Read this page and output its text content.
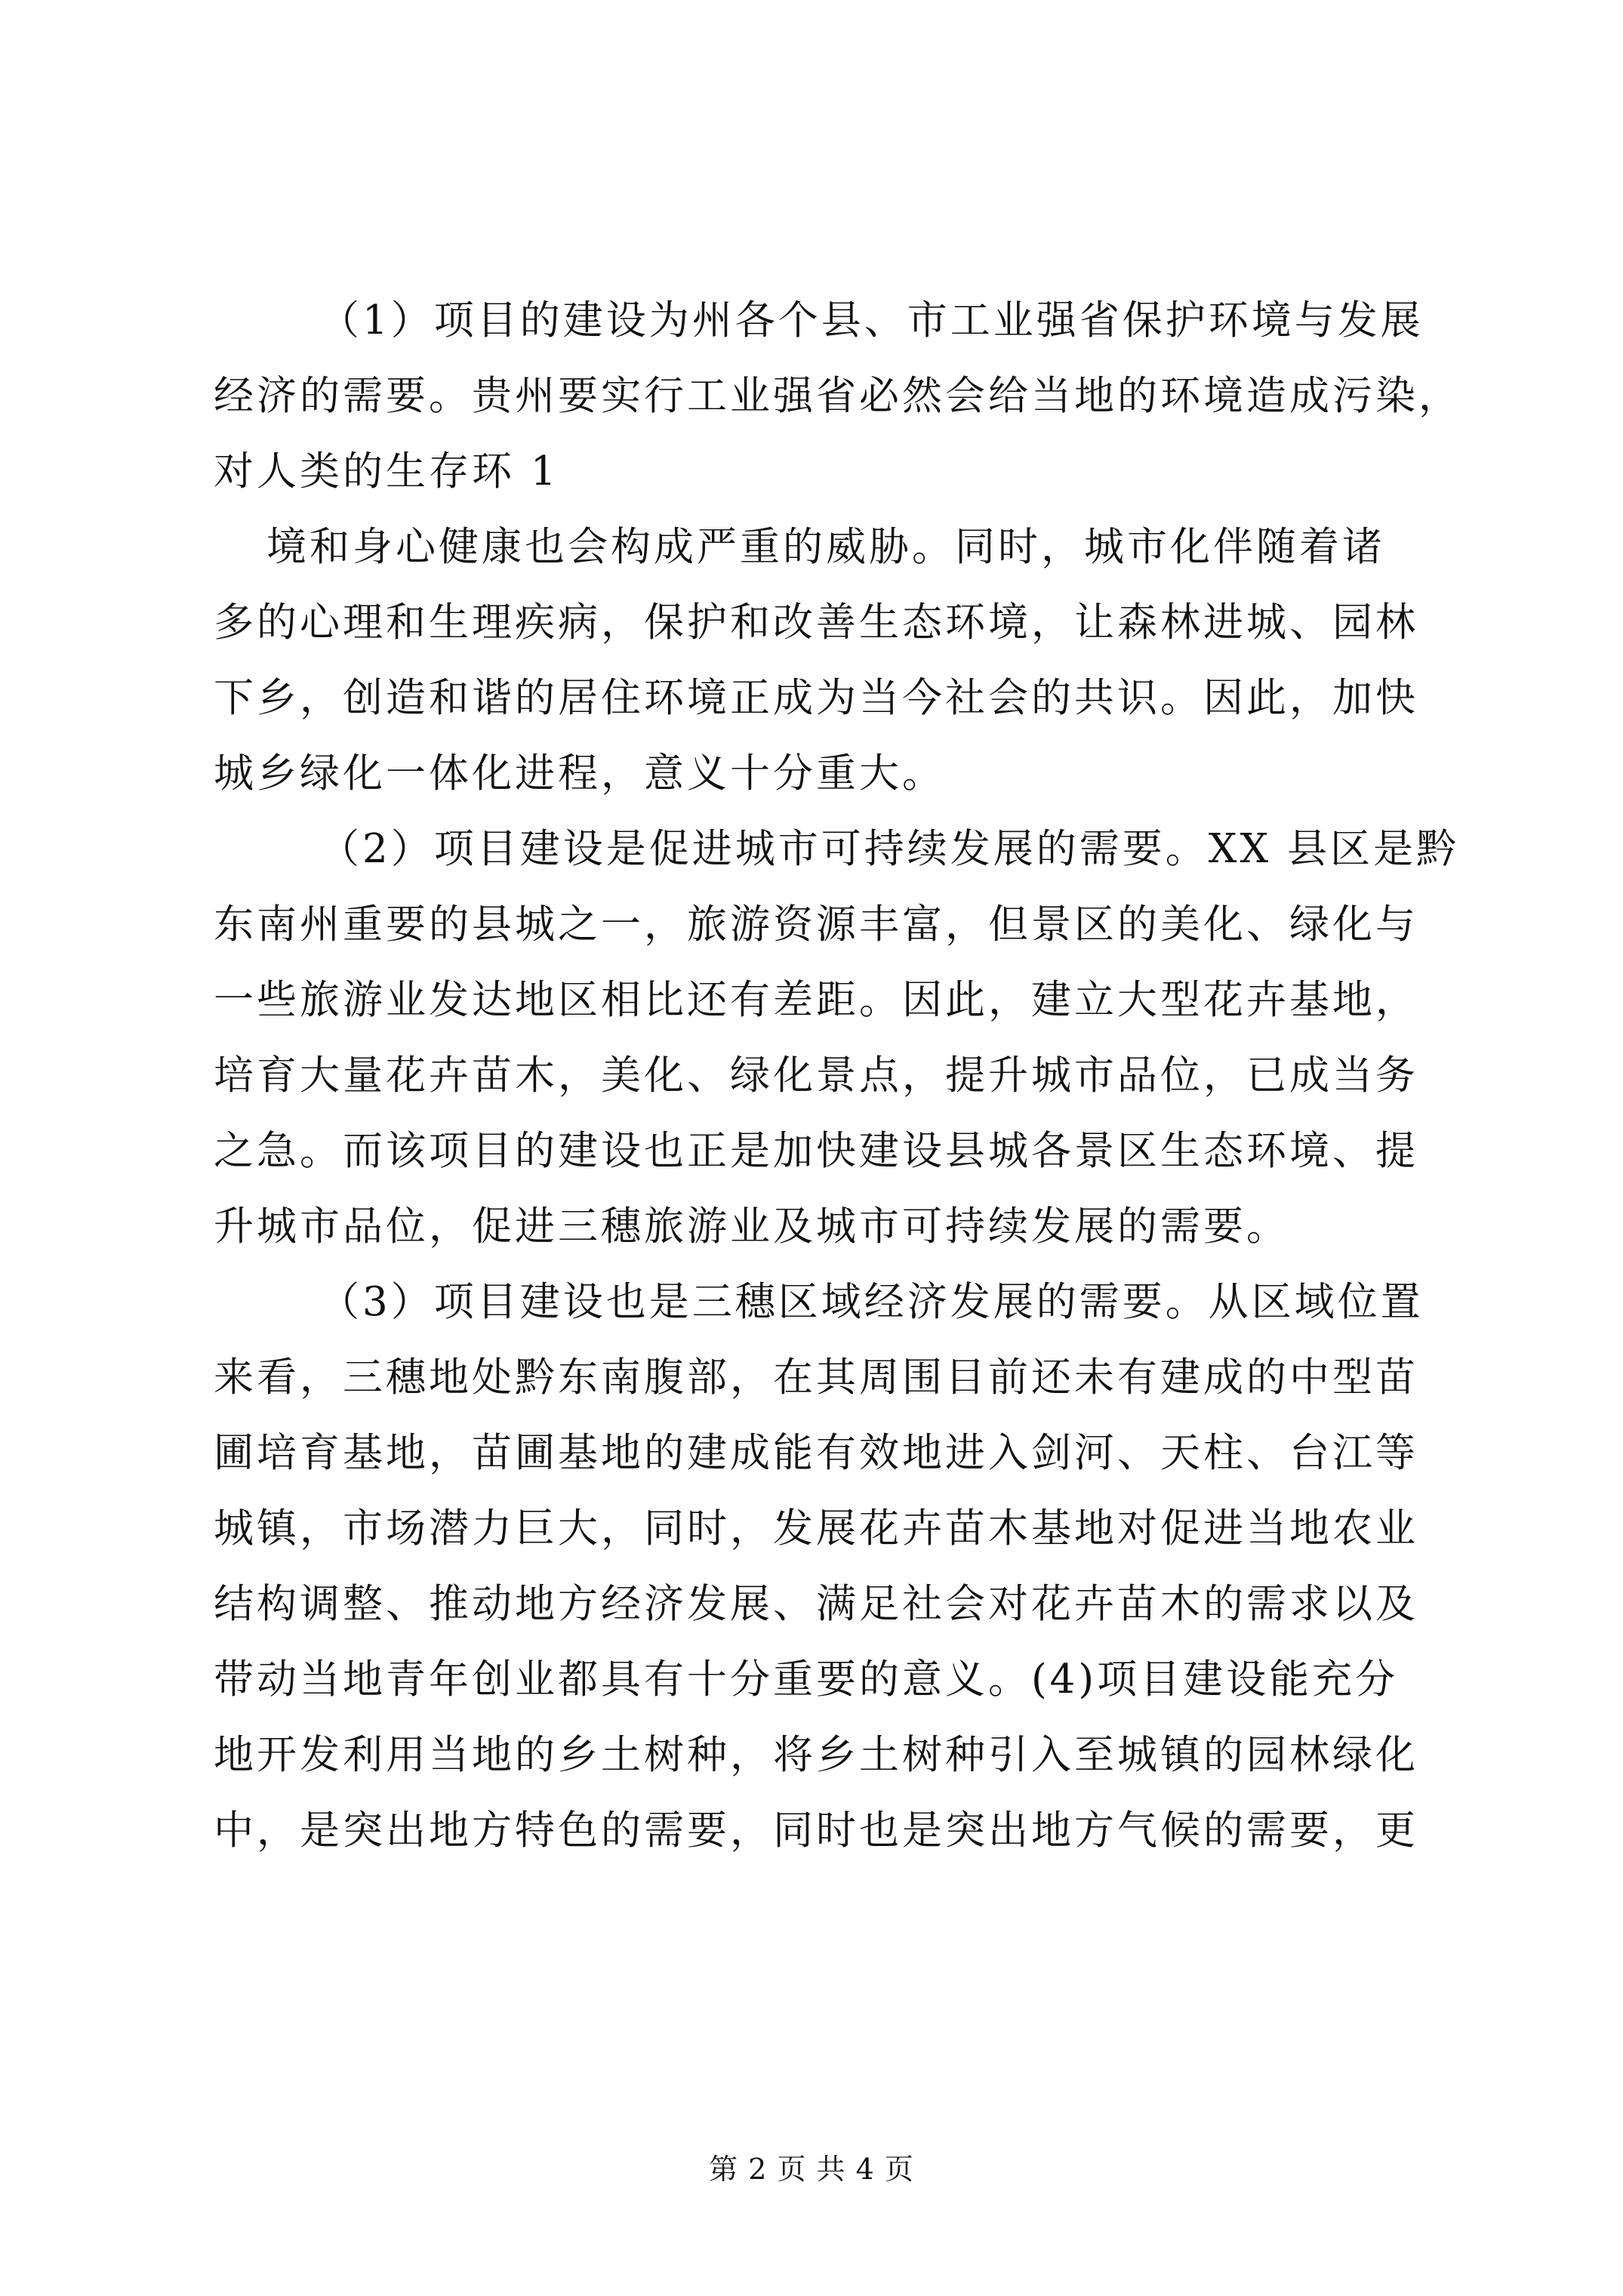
（1）项目的建设为州各个县、市工业强省保护环境与发展
经济的需要。贵州要实行工业强省必然会给当地的环境造成污染，
对人类的生存环 1
境和身心健康也会构成严重的威胁。同时，城市化伴随着诸
多的心理和生理疾病，保护和改善生态环境，让森林进城、园林
下乡，创造和谐的居住环境正成为当今社会的共识。因此，加快
城乡绿化一体化进程，意义十分重大。
（2）项目建设是促进城市可持续发展的需要。XX 县区是黔
东南州重要的县城之一，旅游资源丰富，但景区的美化、绿化与
一些旅游业发达地区相比还有差距。因此，建立大型花卉基地，
培育大量花卉苗木，美化、绿化景点，提升城市品位，已成当务
之急。而该项目的建设也正是加快建设县城各景区生态环境、提
升城市品位，促进三穗旅游业及城市可持续发展的需要。
（3）项目建设也是三穗区域经济发展的需要。从区域位置
来看，三穗地处黔东南腹部，在其周围目前还未有建成的中型苗
圃培育基地，苗圃基地的建成能有效地进入剑河、天柱、台江等
城镇，市场潜力巨大，同时，发展花卉苗木基地对促进当地农业
结构调整、推动地方经济发展、满足社会对花卉苗木的需求以及
带动当地青年创业都具有十分重要的意义。(4)项目建设能充分
地开发利用当地的乡土树种，将乡土树种引入至城镇的园林绿化
中，是突出地方特色的需要，同时也是突出地方气候的需要，更
第 2 页 共 4 页
